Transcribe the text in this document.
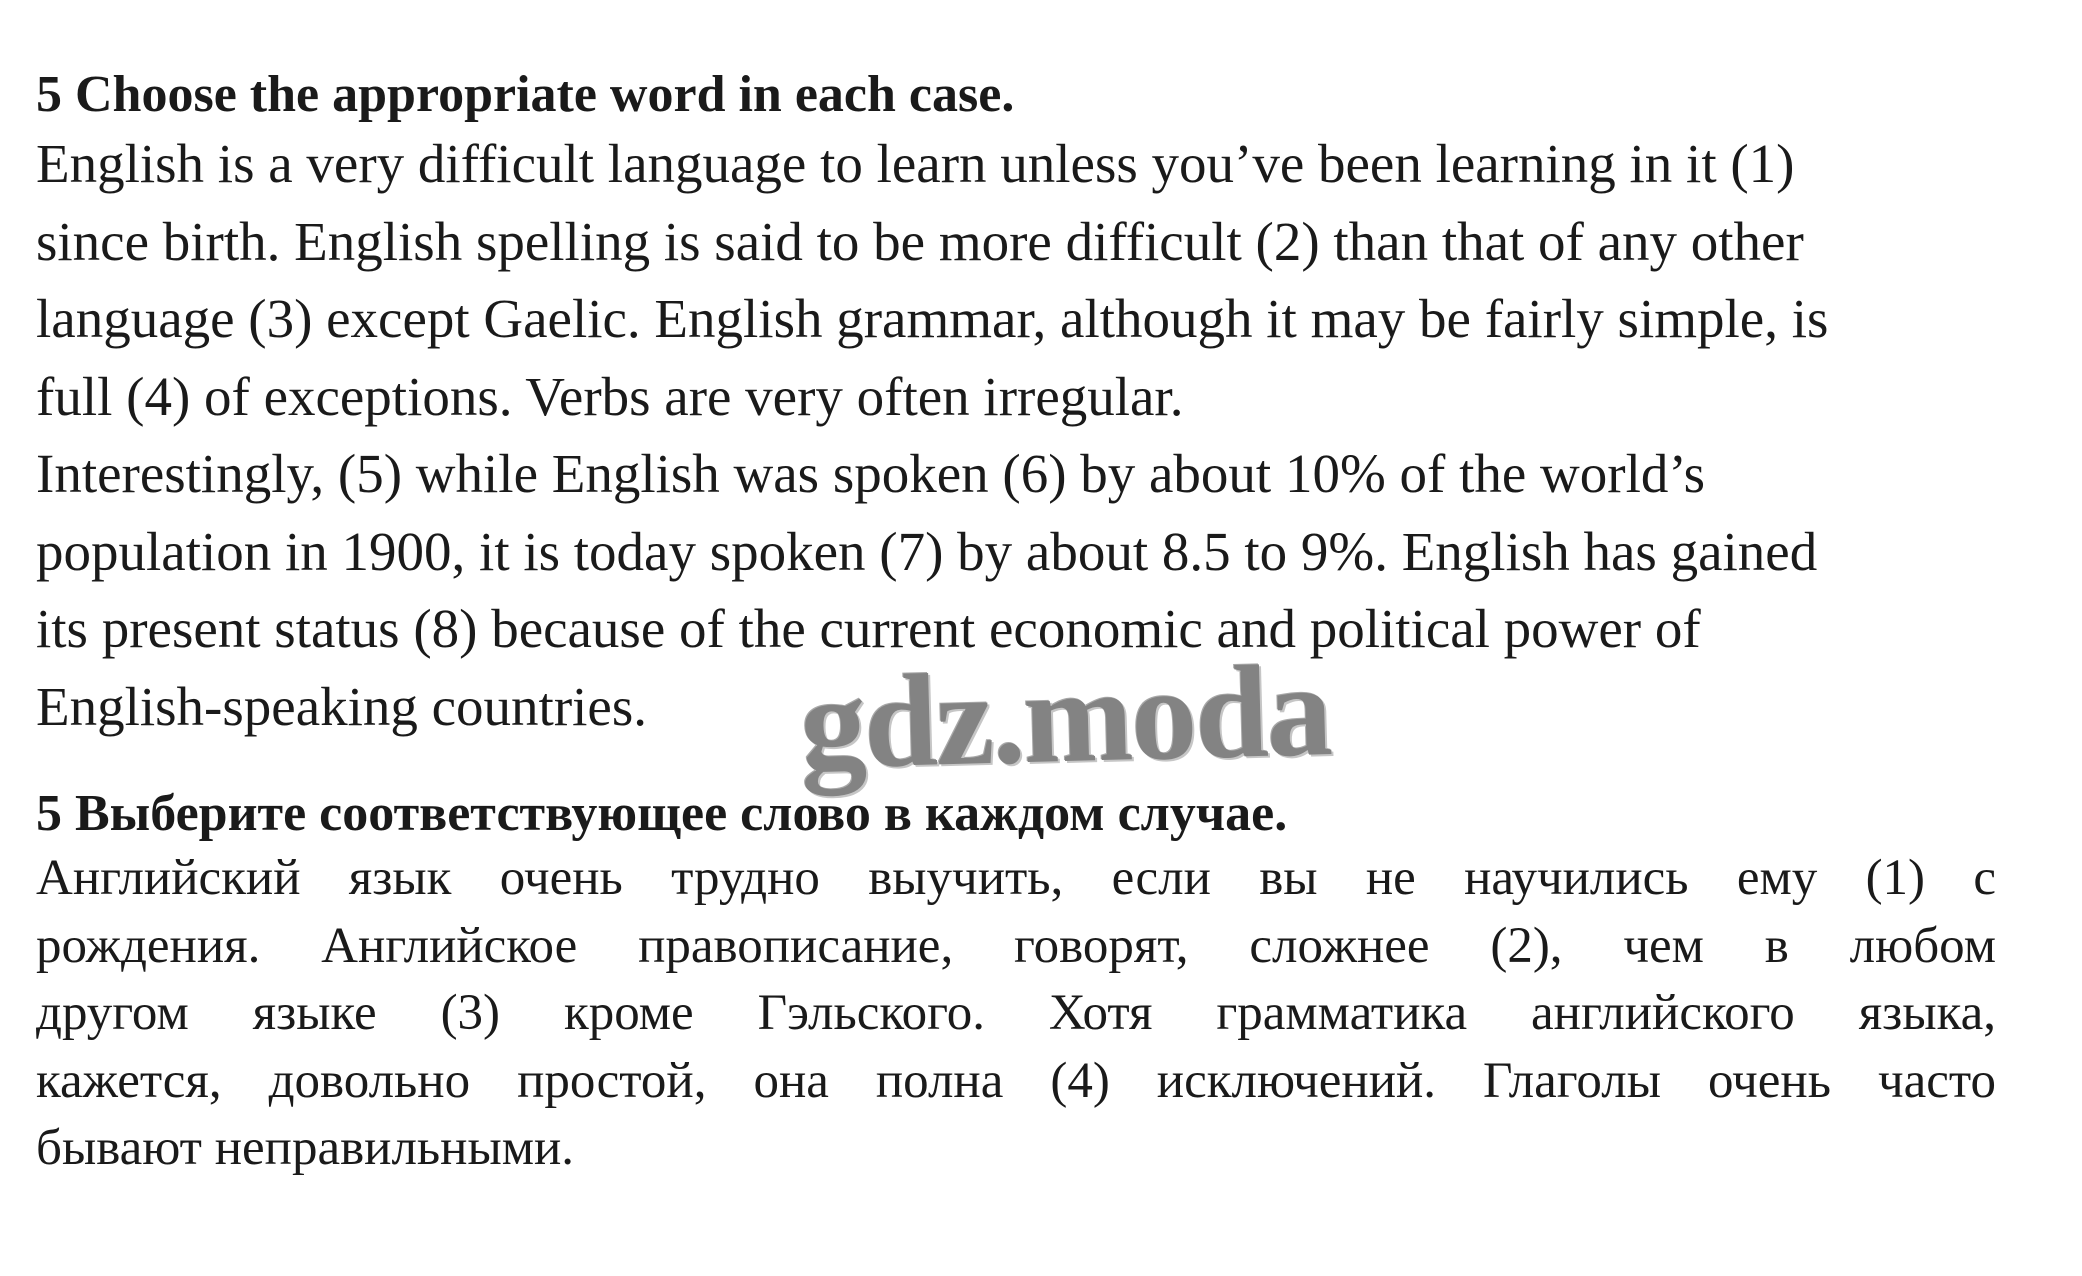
5 Choose the appropriate word in each case.

English is a very difficult language to learn unless you’ve been learning in it (1)

since birth. English spelling is said to be more difficult (2) than that of any other

language (3) except Gaelic. English grammar, although it may be fairly simple, is

full (4) of exceptions. Verbs are very often irregular.

Interestingly, (5) while English was spoken (6) by about 10% of the world’s

population in 1900, it is today spoken (7) by about 8.5 to 9%. English has gained

its present status (8) because of the current economic and political power of

English-speaking countries.

5 Выберите соответствующее слово в каждом случае.

Английский язык очень трудно выучить, если вы не научились ему (1) с

рождения. Английское правописание, говорят, сложнее (2), чем в любом

другом языке (3) кроме Гэльского. Хотя грамматика английского языка,

кажется, довольно простой, она полна (4) исключений. Глаголы очень часто

бывают неправильными.

gdz.moda
